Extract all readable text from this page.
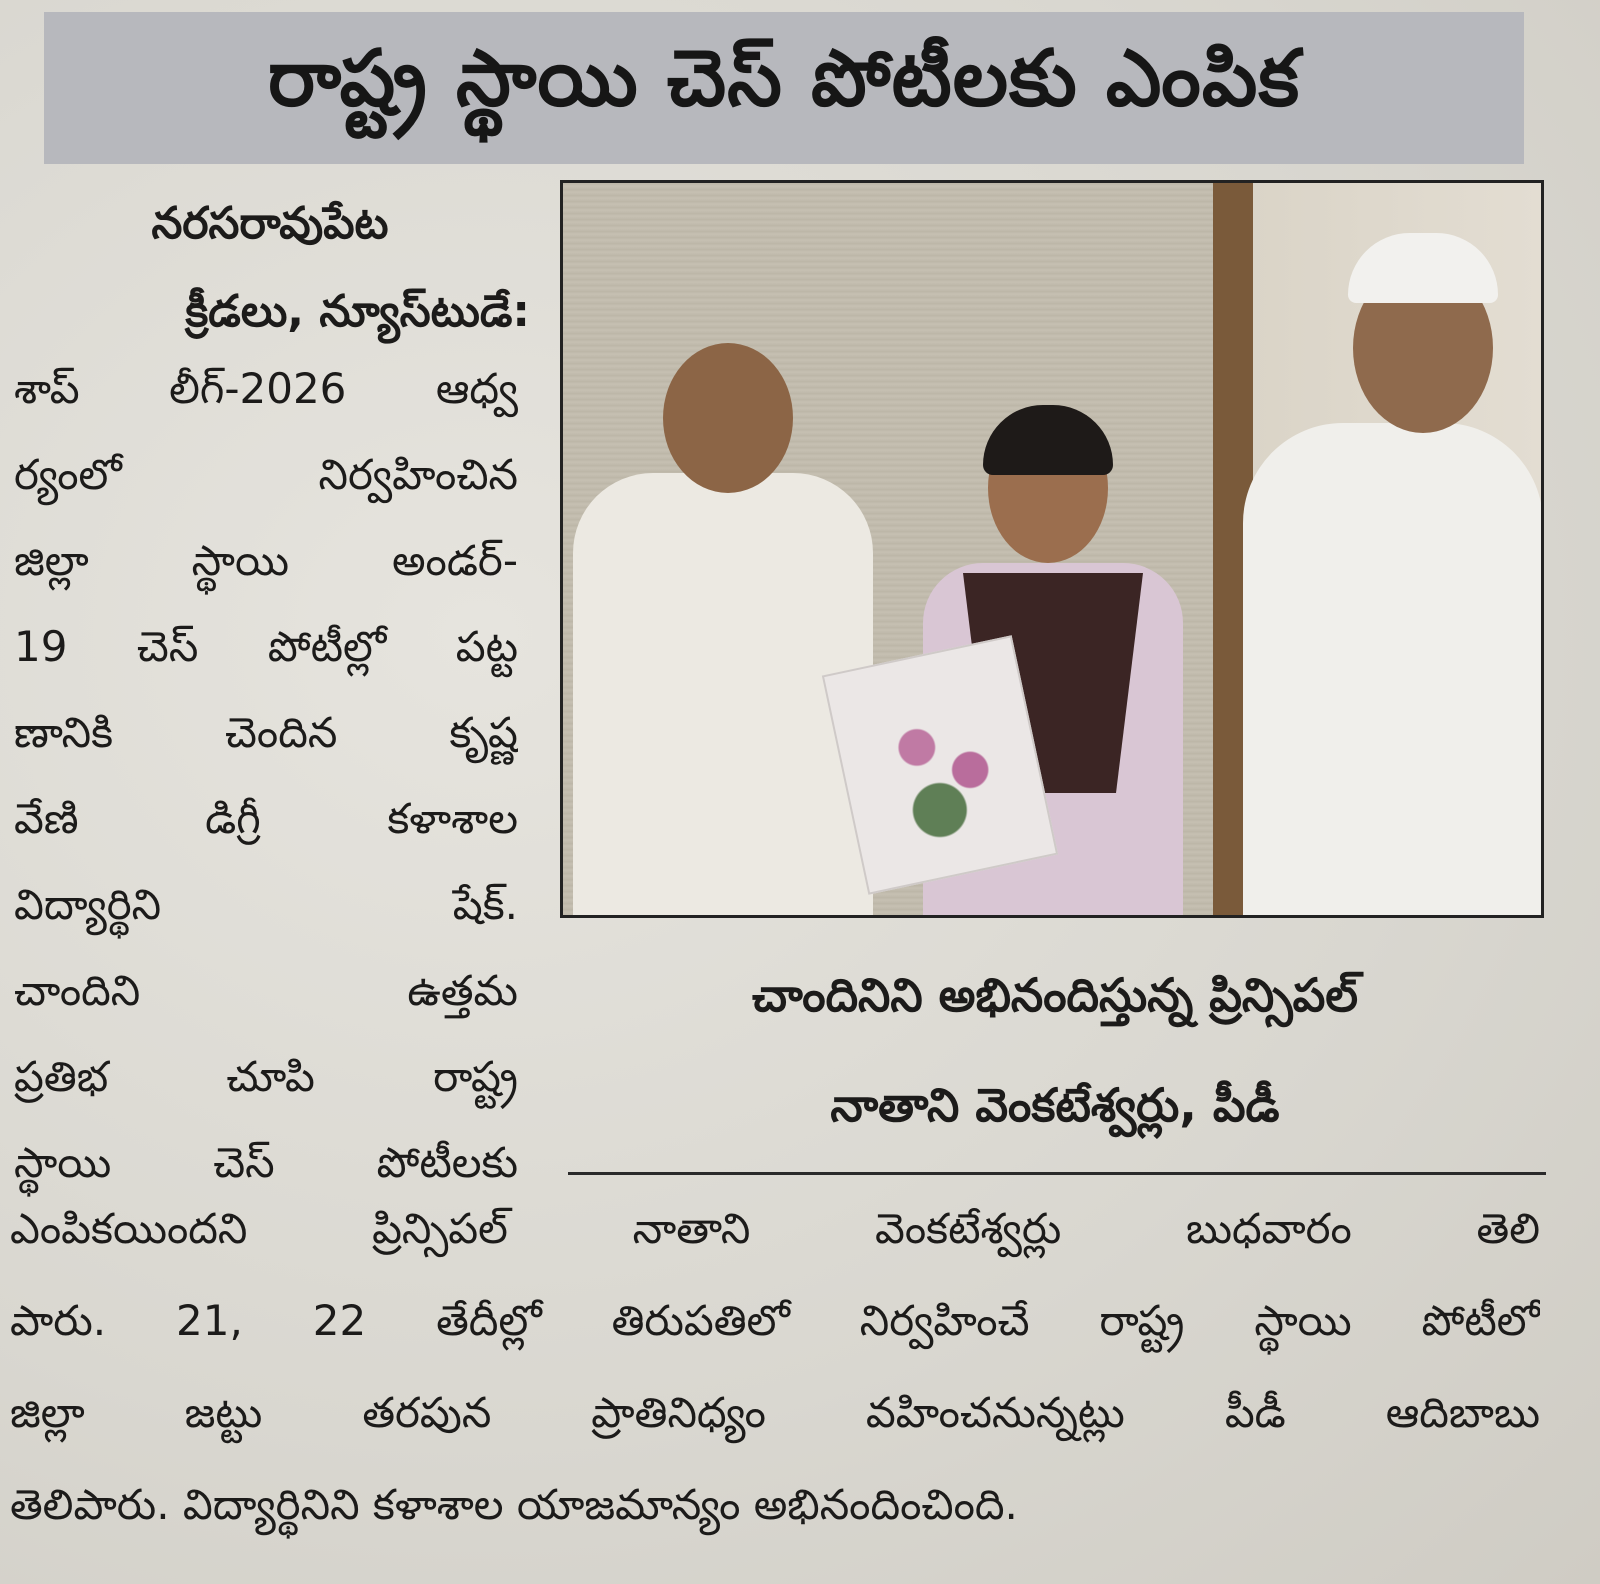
రాష్ట్ర స్థాయి చెస్ పోటీలకు ఎంపిక
నరసరావుపేట
క్రీడలు, న్యూస్‌టుడే:
శాప్ లీగ్-2026 ఆధ్వ
ర్యంలో నిర్వహించిన
జిల్లా స్థాయి అండర్-
19 చెస్ పోటీల్లో పట్ట
ణానికి చెందిన కృష్ణ
వేణి డిగ్రీ కళాశాల
విద్యార్థిని షేక్.
చాందిని ఉత్తమ
ప్రతిభ చూపి రాష్ట్ర
స్థాయి చెస్ పోటీలకు
చాందినిని అభినందిస్తున్న ప్రిన్సిపల్
నాతాని వెంకటేశ్వర్లు, పీడీ
ఎంపికయిందని ప్రిన్సిపల్ నాతాని వెంకటేశ్వర్లు బుధవారం తెలి
పారు. 21, 22 తేదీల్లో తిరుపతిలో నిర్వహించే రాష్ట్ర స్థాయి పోటీలో
జిల్లా జట్టు తరపున ప్రాతినిధ్యం వహించనున్నట్లు పీడీ ఆదిబాబు
తెలిపారు. విద్యార్థినిని కళాశాల యాజమాన్యం అభినందించింది.
